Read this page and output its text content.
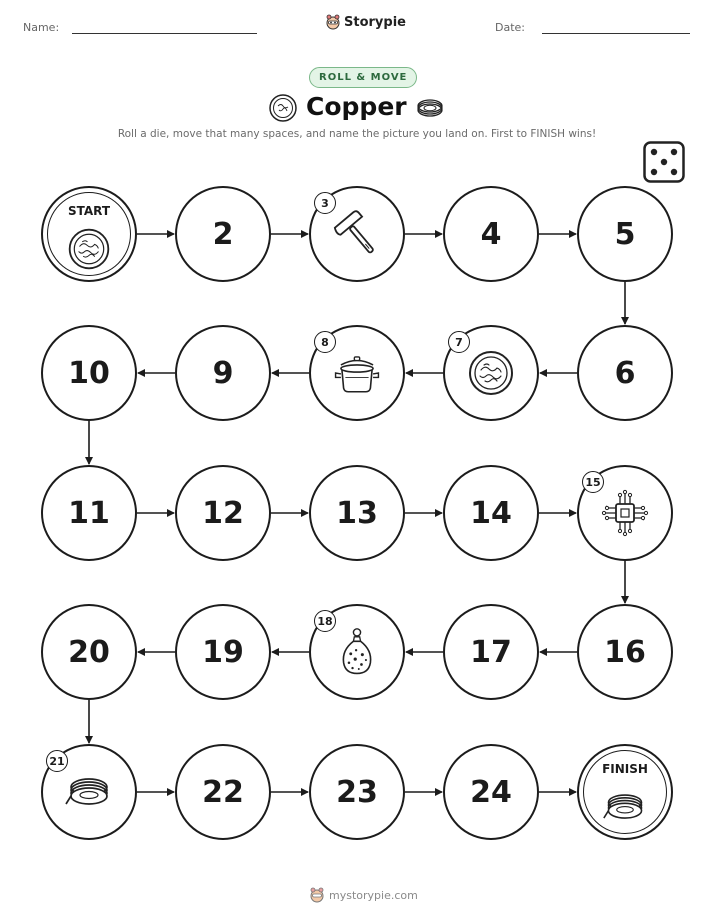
Name:	Storypie	Date:
ROLL & MOVE
Copper
Roll a die, move that many spaces, and name the picture you land on. First to FINISH wins!
START
2
3
4	5
6
7
8
9
10
11	12	13	14
15
16
17
18
19
20
21
22	23	24
FINISH
mystorypie.com
